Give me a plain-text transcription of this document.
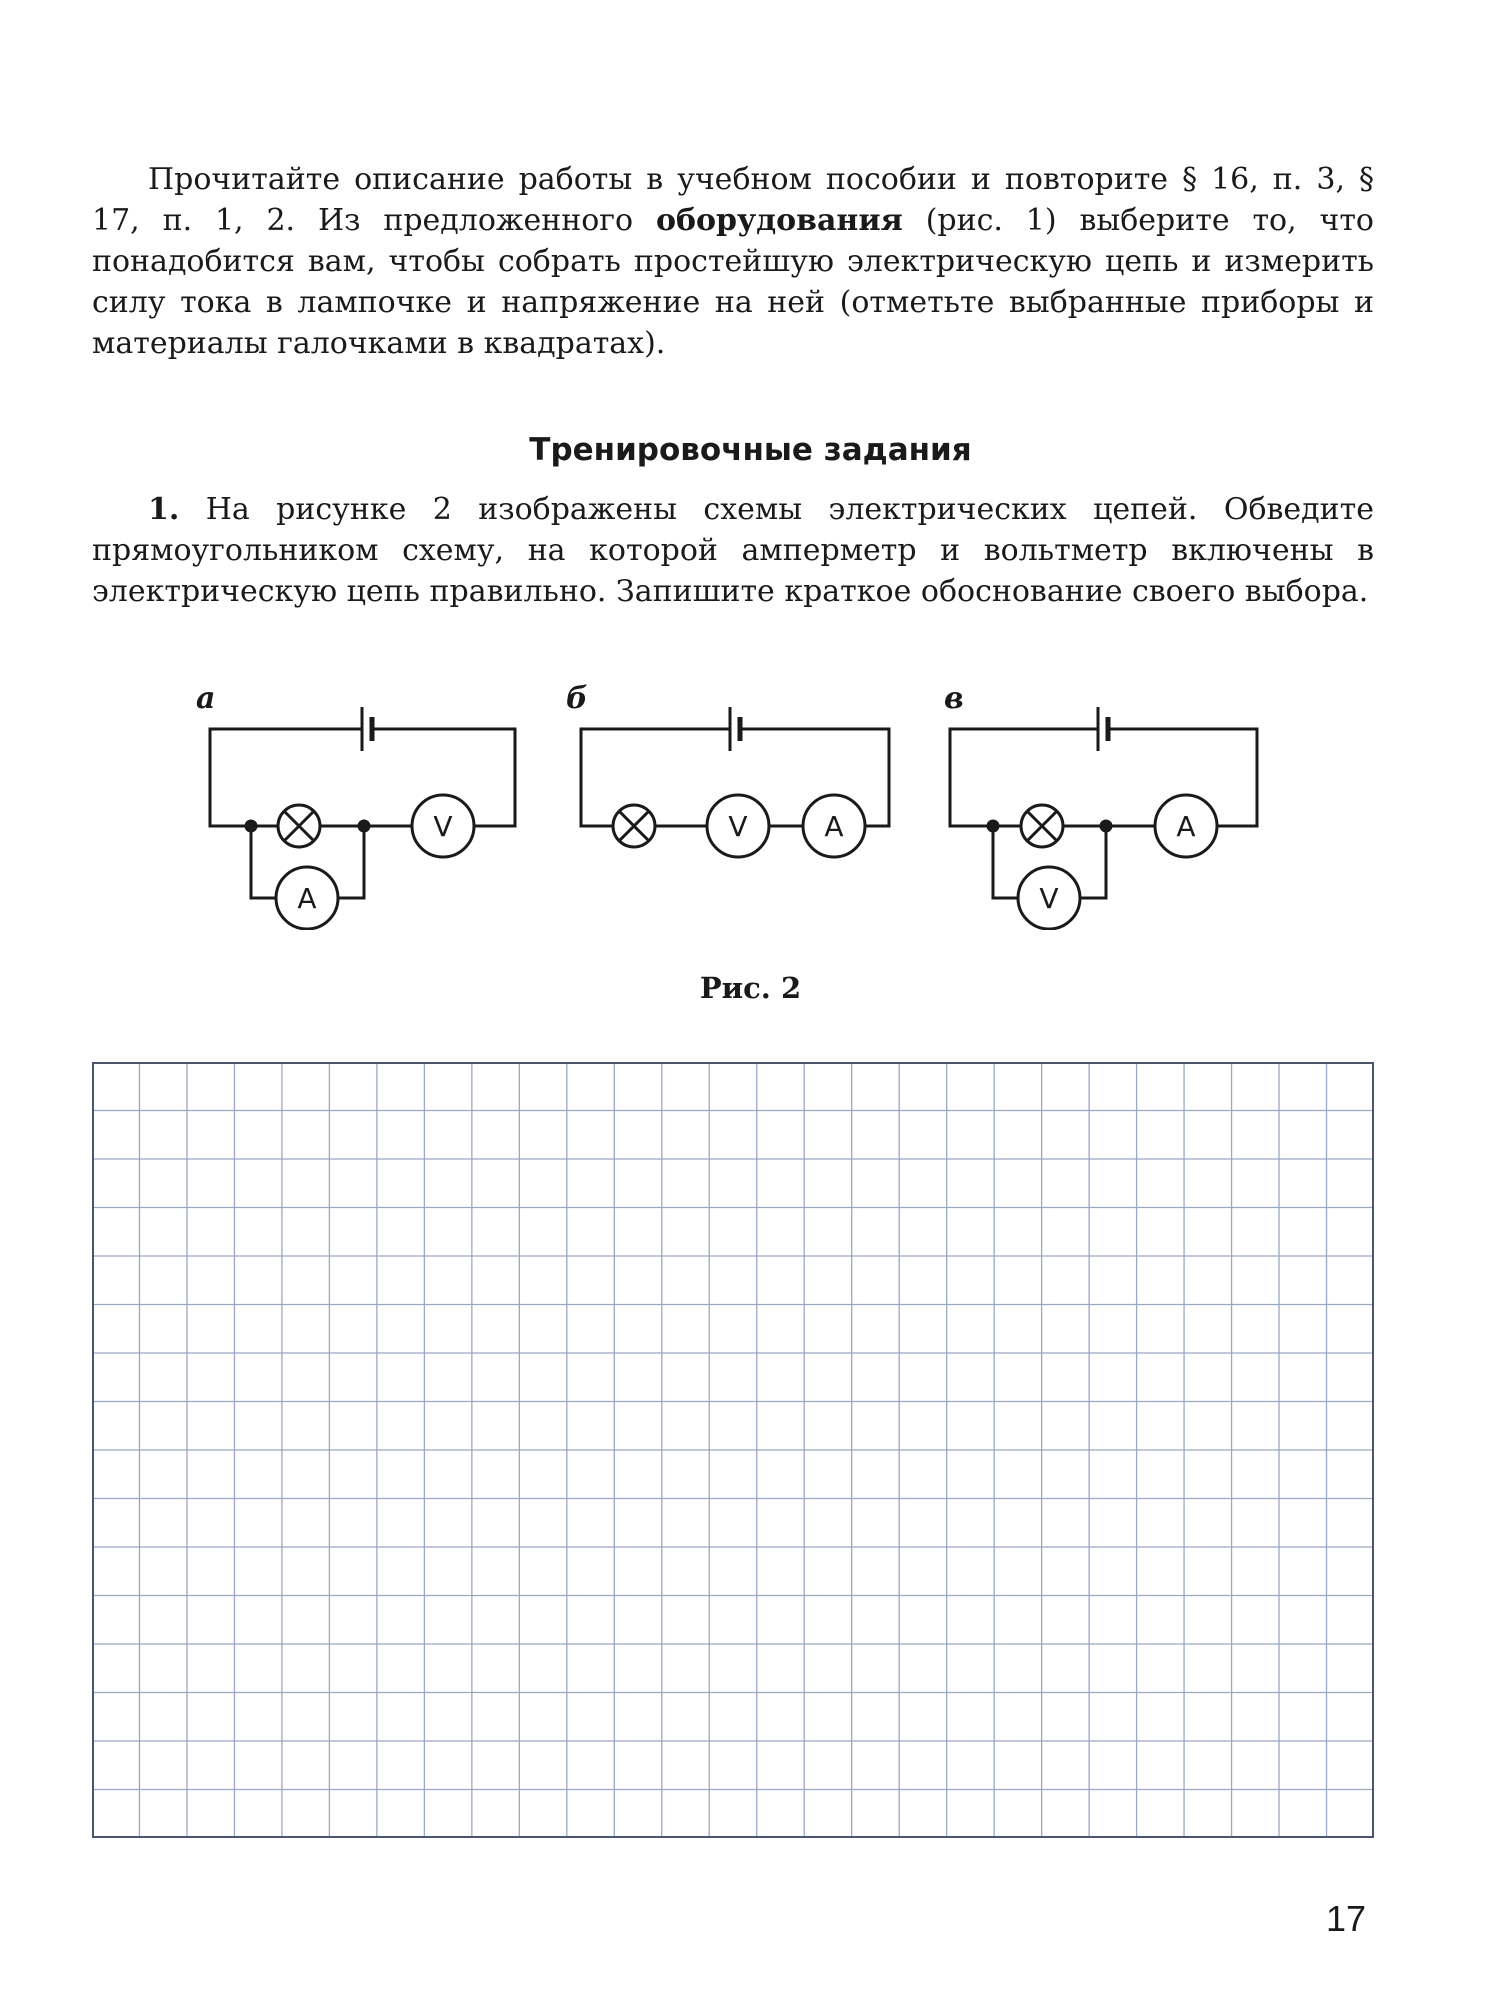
Прочитайте описание работы в учебном пособии и повторите § 16, п. 3, § 17, п. 1, 2. Из предложенного оборудования (рис. 1) выберите то, что понадобится вам, чтобы собрать простейшую электрическую цепь и измерить силу тока в лампочке и напряжение на ней (отметьте выбранные приборы и материалы галочками в квадратах).

Тренировочные задания

1. На рисунке 2 изображены схемы электрических цепей. Обведите прямоугольником схему, на которой амперметр и вольтметр включены в электрическую цепь правильно. Запишите краткое обоснование своего выбора.

а	б	в
V
A
V	A	A
V
Рис. 2
17
